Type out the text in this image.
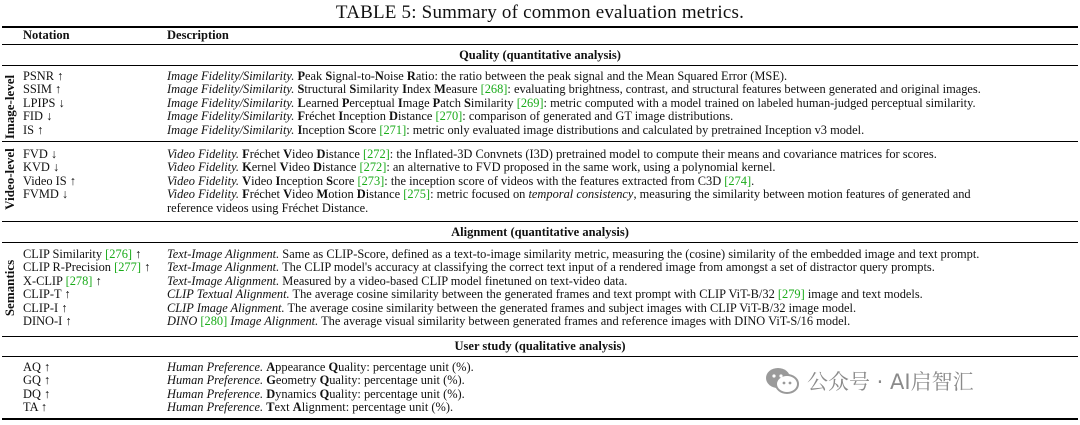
TABLE 5: Summary of common evaluation metrics.
Notation	Description
Quality (quantitative analysis)
Image-level PSNR ↑	Image Fidelity/Similarity. Peak Signal-to-Noise Ratio: the ratio between the peak signal and the Mean Squared Error (MSE).
SSIM ↑	Image Fidelity/Similarity. Structural Similarity Index Measure [268]: evaluating brightness, contrast, and structural features between generated and original images.
LPIPS ↓	Image Fidelity/Similarity. Learned Perceptual Image Patch Similarity [269]: metric computed with a model trained on labeled human-judged perceptual similarity.
FID ↓	Image Fidelity/Similarity. Fréchet Inception Distance [270]: comparison of generated and GT image distributions.
IS ↑	Image Fidelity/Similarity. Inception Score [271]: metric only evaluated image distributions and calculated by pretrained Inception v3 model.
Video-level FVD ↓	Video Fidelity. Fréchet Video Distance [272]: the Inflated-3D Convnets (I3D) pretrained model to compute their means and covariance matrices for scores.
KVD ↓	Video Fidelity. Kernel Video Distance [272]: an alternative to FVD proposed in the same work, using a polynomial kernel.
Video IS ↑	Video Fidelity. Video Inception Score [273]: the inception score of videos with the features extracted from C3D [274].
FVMD ↓	Video Fidelity. Fréchet Video Motion Distance [275]: metric focused on temporal consistency, measuring the similarity between motion features of generated and
reference videos using Fréchet Distance.
Alignment (quantitative analysis)
Semantics
CLIP Similarity [276] ↑ Text-Image Alignment. Same as CLIP-Score, defined as a text-to-image similarity metric, measuring the (cosine) similarity of the embedded image and text prompt.
CLIP R-Precision [277] ↑ Text-Image Alignment. The CLIP model's accuracy at classifying the correct text input of a rendered image from amongst a set of distractor query prompts.
X-CLIP [278] ↑	Text-Image Alignment. Measured by a video-based CLIP model finetuned on text-video data.
CLIP-T ↑	CLIP Textual Alignment. The average cosine similarity between the generated frames and text prompt with CLIP ViT-B/32 [279] image and text models.
CLIP-I ↑	CLIP Image Alignment. The average cosine similarity between the generated frames and subject images with CLIP ViT-B/32 image model.
DINO-I ↑	DINO [280] Image Alignment. The average visual similarity between generated frames and reference images with DINO ViT-S/16 model.
User study (qualitative analysis)
AQ ↑	Human Preference. Appearance Quality: percentage unit (%).
GQ ↑	Human Preference. Geometry Quality: percentage unit (%).
DQ ↑	Human Preference. Dynamics Quality: percentage unit (%).
TA ↑	Human Preference. Text Alignment: percentage unit (%).
公众号 · AI启智汇
